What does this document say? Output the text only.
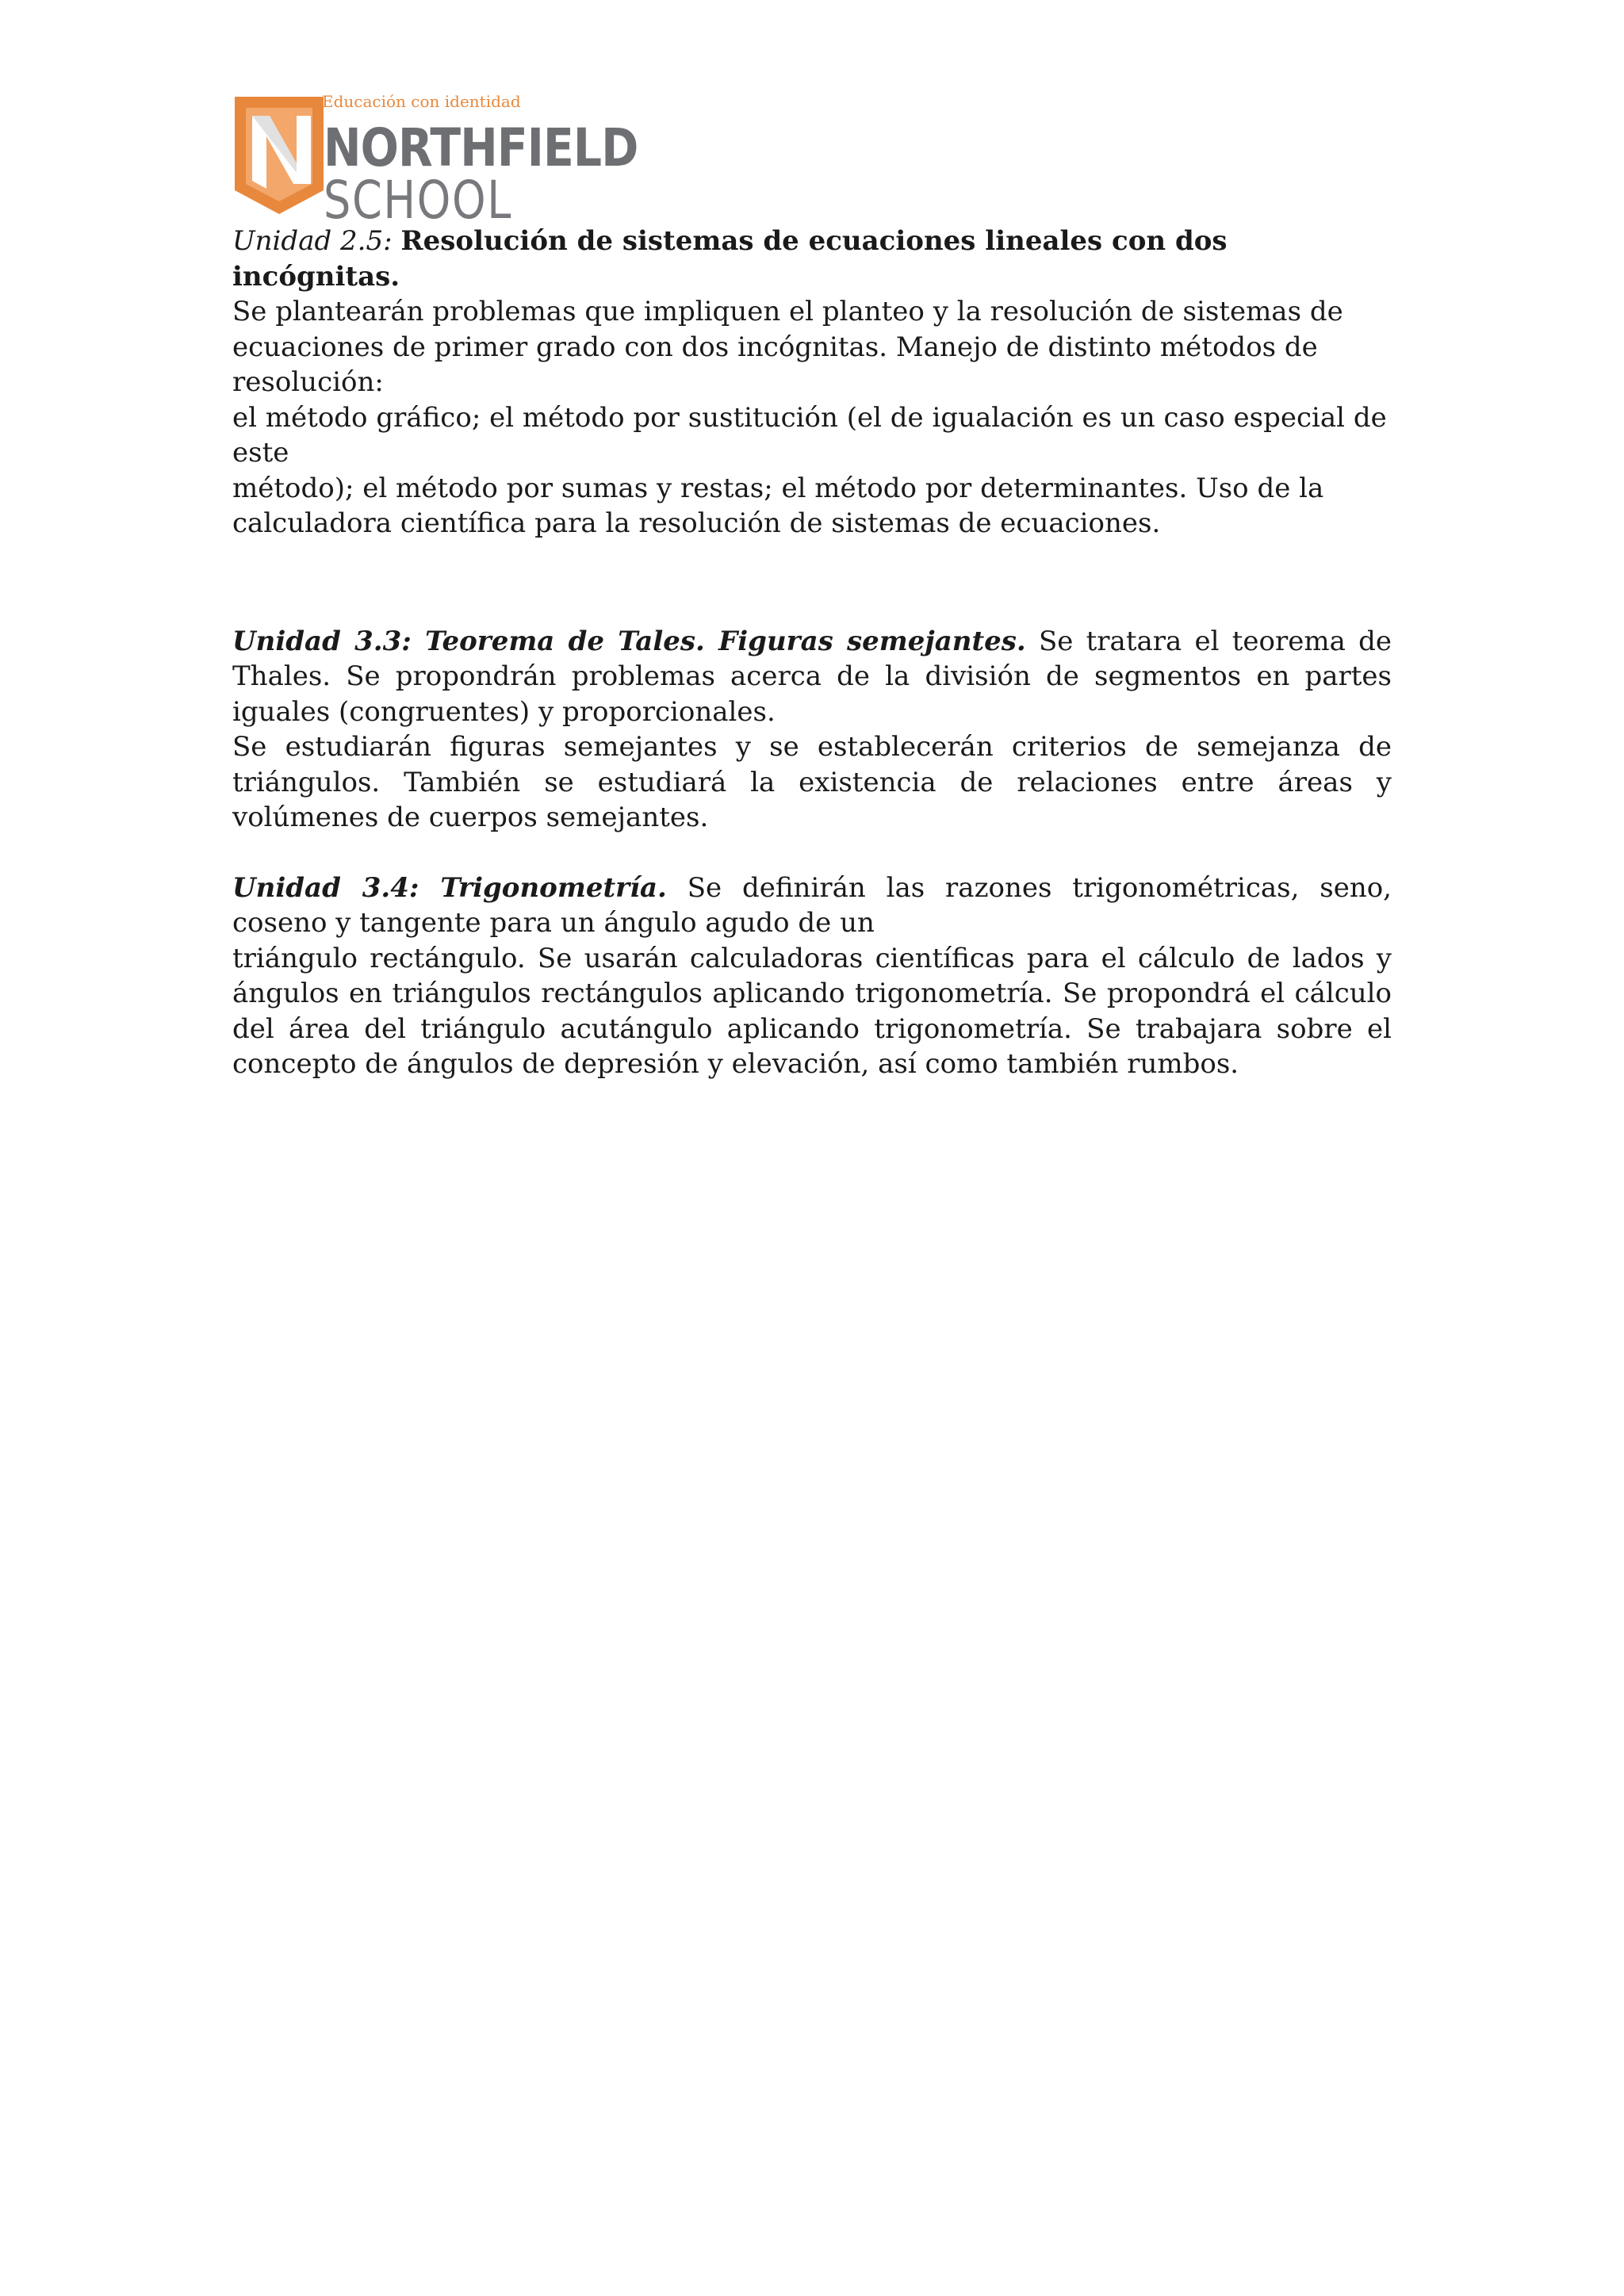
Educación con identidad
NORTHFIELD
SCHOOL

Unidad 2.5: Resolución de sistemas de ecuaciones lineales con dos incógnitas.

Se plantearán problemas que impliquen el planteo y la resolución de sistemas de
ecuaciones de primer grado con dos incógnitas. Manejo de distinto métodos de resolución:
el método gráfico; el método por sustitución (el de igualación es un caso especial de este
método); el método por sumas y restas; el método por determinantes. Uso de la
calculadora científica para la resolución de sistemas de ecuaciones.

Unidad 3.3: Teorema de Tales. Figuras semejantes. Se tratara el teorema de Thales. Se propondrán problemas acerca de la división de segmentos en partes iguales (congruentes) y proporcionales.

Se estudiarán figuras semejantes y se establecerán criterios de semejanza de triángulos. También se estudiará la existencia de relaciones entre áreas y volúmenes de cuerpos semejantes.

Unidad 3.4: Trigonometría. Se definirán las razones trigonométricas, seno, coseno y tangente para un ángulo agudo de un

triángulo rectángulo. Se usarán calculadoras científicas para el cálculo de lados y ángulos en triángulos rectángulos aplicando trigonometría. Se propondrá el cálculo del área del triángulo acutángulo aplicando trigonometría. Se trabajara sobre el concepto de ángulos de depresión y elevación, así como también rumbos.
